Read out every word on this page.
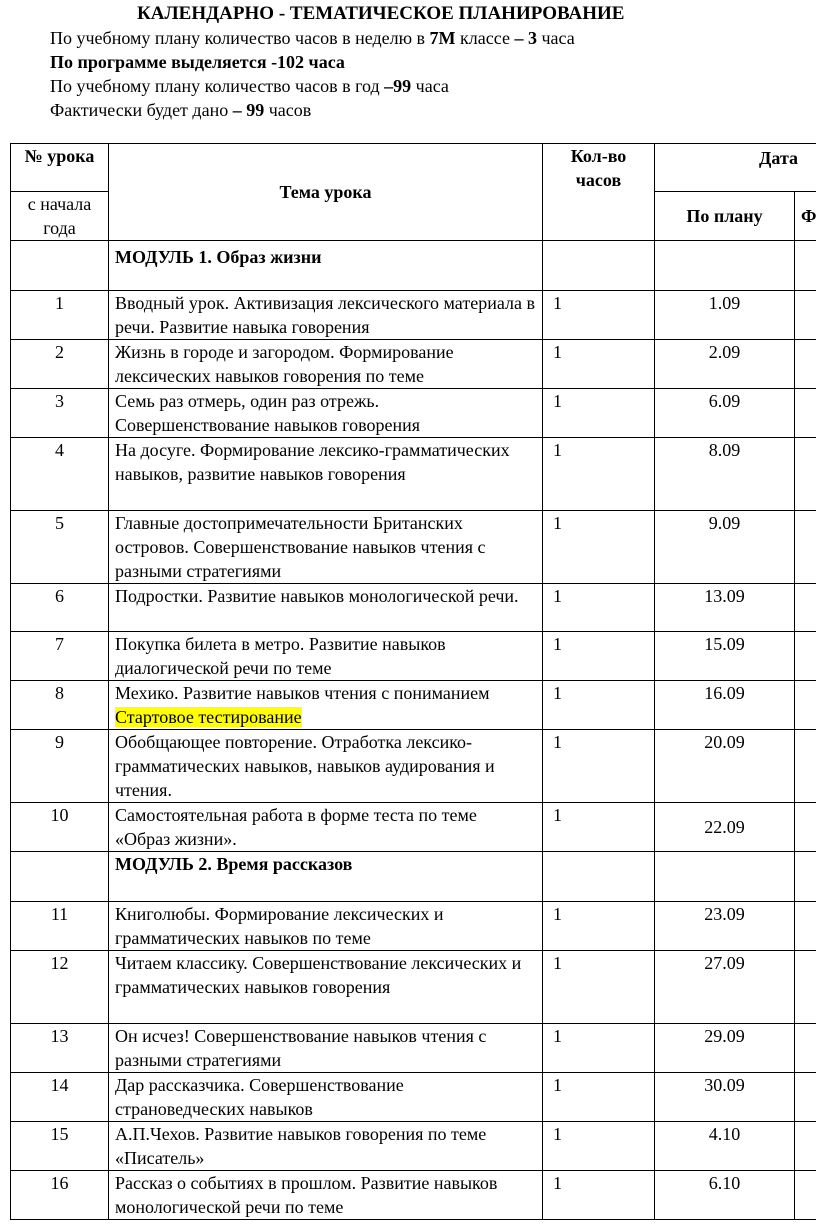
КАЛЕНДАРНО - ТЕМАТИЧЕСКОЕ ПЛАНИРОВАНИЕ
По учебному плану количество часов в неделю в 7М классе – 3 часа
По программе выделяется -102 часа
По учебному плану количество часов в год –99 часа
Фактически будет дано – 99 часов
№ урока	Тема урока	Кол-во часов	Дата	
с начала года			По плану	Ф
	МОДУЛЬ 1. Образ жизни			
1	Вводный урок. Активизация лексического материала в речи. Развитие навыка говорения	1	1.09	
2	Жизнь в городе и загородом. Формирование лексических навыков говорения по теме	1	2.09	
3	Семь раз отмерь, один раз отрежь. Совершенствование навыков говорения	1	6.09	
4	На досуге. Формирование лексико-грамматических навыков, развитие навыков говорения	1	8.09	
5	Главные достопримечательности Британских островов. Совершенствование навыков чтения с разными стратегиями	1	9.09	
6	Подростки. Развитие навыков монологической речи.	1	13.09	
7	Покупка билета в метро. Развитие навыков диалогической речи по теме	1	15.09	
8	Мехико. Развитие навыков чтения с пониманием Стартовое тестирование	1	16.09	
9	Обобщающее повторение. Отработка лексико-грамматических навыков, навыков аудирования и чтения.	1	20.09	
10	Самостоятельная работа в форме теста по теме «Образ жизни».	1	22.09	
	МОДУЛЬ 2. Время рассказов			
11	Книголюбы. Формирование лексических и грамматических навыков по теме	1	23.09	
12	Читаем классику. Совершенствование лексических и грамматических навыков говорения	1	27.09	
13	Он исчез! Совершенствование навыков чтения с разными стратегиями	1	29.09	
14	Дар рассказчика. Совершенствование страноведческих навыков	1	30.09	
15	А.П.Чехов. Развитие навыков говорения по теме «Писатель»	1	4.10	
16	Рассказ о событиях в прошлом. Развитие навыков монологической речи по теме	1	6.10	
